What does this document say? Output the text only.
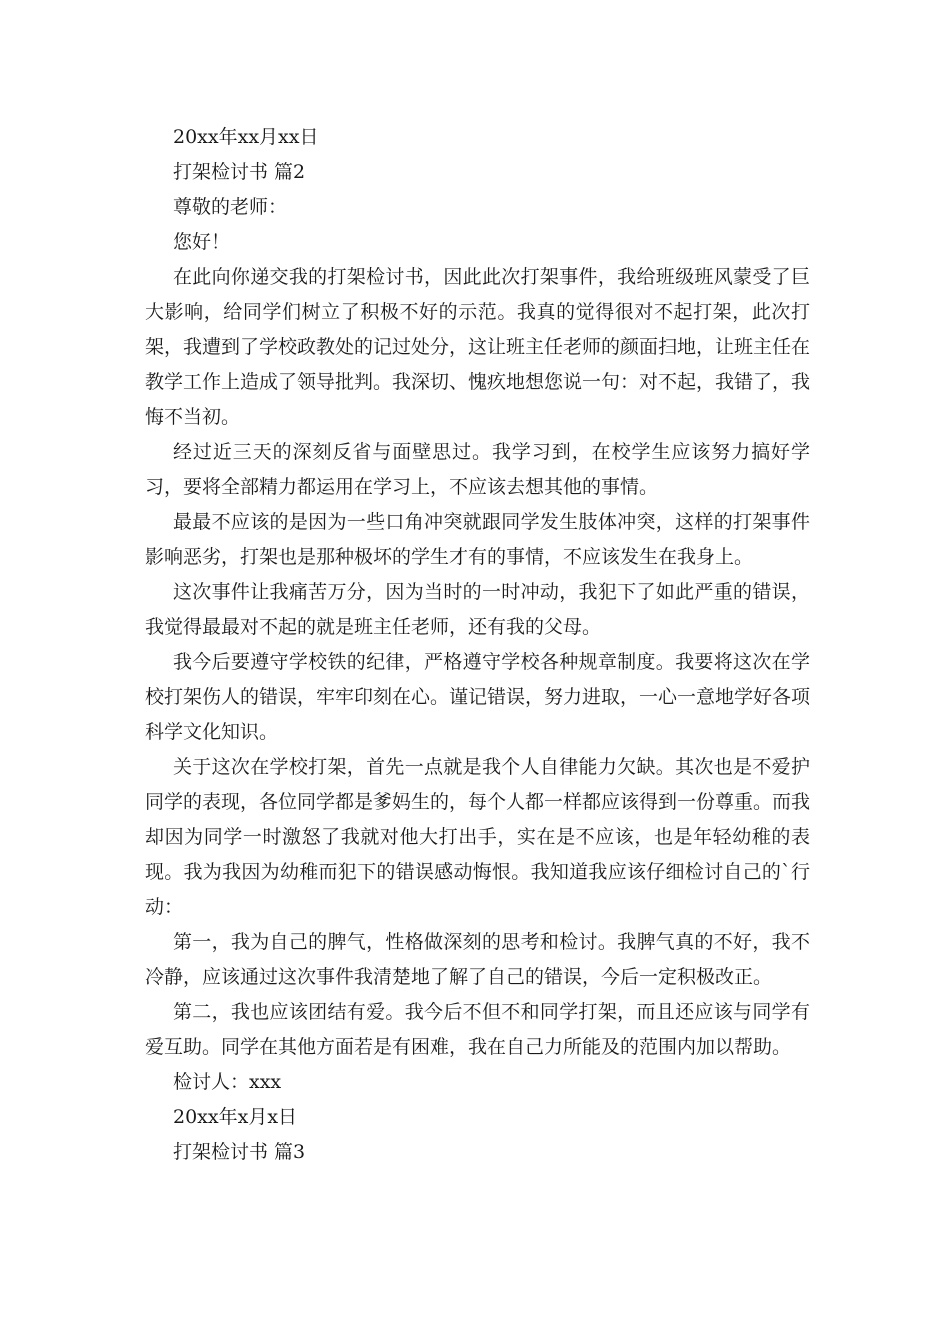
20xx年xx月xx日

打架检讨书 篇2

尊敬的老师：

您好！

在此向你递交我的打架检讨书，因此此次打架事件，我给班级班风蒙受了巨大影响，给同学们树立了积极不好的示范。我真的觉得很对不起打架，此次打架，我遭到了学校政教处的记过处分，这让班主任老师的颜面扫地，让班主任在教学工作上造成了领导批判。我深切、愧疚地想您说一句：对不起，我错了，我悔不当初。

经过近三天的深刻反省与面壁思过。我学习到，在校学生应该努力搞好学习，要将全部精力都运用在学习上，不应该去想其他的事情。

最最不应该的是因为一些口角冲突就跟同学发生肢体冲突，这样的打架事件影响恶劣，打架也是那种极坏的学生才有的事情，不应该发生在我身上。

这次事件让我痛苦万分，因为当时的一时冲动，我犯下了如此严重的错误，我觉得最最对不起的就是班主任老师，还有我的父母。

我今后要遵守学校铁的纪律，严格遵守学校各种规章制度。我要将这次在学校打架伤人的错误，牢牢印刻在心。谨记错误，努力进取，一心一意地学好各项科学文化知识。

关于这次在学校打架，首先一点就是我个人自律能力欠缺。其次也是不爱护同学的表现，各位同学都是爹妈生的，每个人都一样都应该得到一份尊重。而我却因为同学一时激怒了我就对他大打出手，实在是不应该，也是年轻幼稚的表现。我为我因为幼稚而犯下的错误感动悔恨。我知道我应该仔细检讨自己的`行动：

第一，我为自己的脾气，性格做深刻的思考和检讨。我脾气真的不好，我不冷静，应该通过这次事件我清楚地了解了自己的错误，今后一定积极改正。

第二，我也应该团结有爱。我今后不但不和同学打架，而且还应该与同学有爱互助。同学在其他方面若是有困难，我在自己力所能及的范围内加以帮助。

检讨人：xxx

20xx年x月x日

打架检讨书 篇3
